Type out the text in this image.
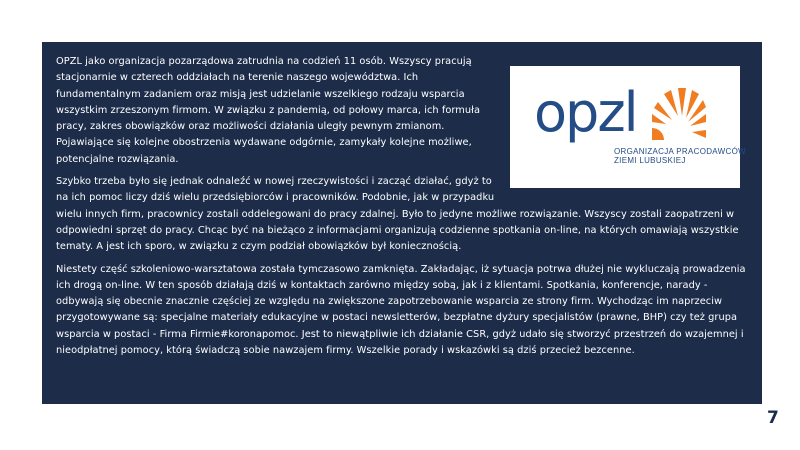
opzl
ORGANIZACJA PRACODAWCÓW
ZIEMI LUBUSKIEJ

OPZL jako organizacja pozarządowa zatrudnia na codzień 11 osób. Wszyscy pracują stacjonarnie w czterech oddziałach na terenie naszego województwa. Ich fundamentalnym zadaniem oraz misją jest udzielanie wszelkiego rodzaju wsparcia wszystkim zrzeszonym firmom. W związku z pandemią, od połowy marca, ich formuła pracy, zakres obowiązków oraz możliwości działania uległy pewnym zmianom. Pojawiające się kolejne obostrzenia wydawane odgórnie, zamykały kolejne możliwe, potencjalne rozwiązania.

Szybko trzeba było się jednak odnaleźć w nowej rzeczywistości i zacząć działać, gdyż to na ich pomoc liczy dziś wielu przedsiębiorców i pracowników. Podobnie, jak w przypadku wielu innych firm, pracownicy zostali oddelegowani do pracy zdalnej. Było to jedyne możliwe rozwiązanie. Wszyscy zostali zaopatrzeni w odpowiedni sprzęt do pracy. Chcąc być na bieżąco z informacjami organizują codzienne spotkania on-line, na których omawiają wszystkie tematy. A jest ich sporo, w związku z czym podział obowiązków był koniecznością.

Niestety część szkoleniowo-warsztatowa została tymczasowo zamknięta. Zakładając, iż sytuacja potrwa dłużej nie wykluczają prowadzenia ich drogą on-line. W ten sposób działają dziś w kontaktach zarówno między sobą, jak i z klientami. Spotkania, konferencje, narady - odbywają się obecnie znacznie częściej ze względu na zwiększone zapotrzebowanie wsparcia ze strony firm. Wychodząc im naprzeciw przygotowywane są: specjalne materiały edukacyjne w postaci newsletterów, bezpłatne dyżury specjalistów (prawne, BHP) czy też grupa wsparcia w postaci - Firma Firmie#koronapomoc. Jest to niewątpliwie ich działanie CSR, gdyż udało się stworzyć przestrzeń do wzajemnej i nieodpłatnej pomocy, którą świadczą sobie nawzajem firmy. Wszelkie porady i wskazówki są dziś przecież bezcenne.

7
